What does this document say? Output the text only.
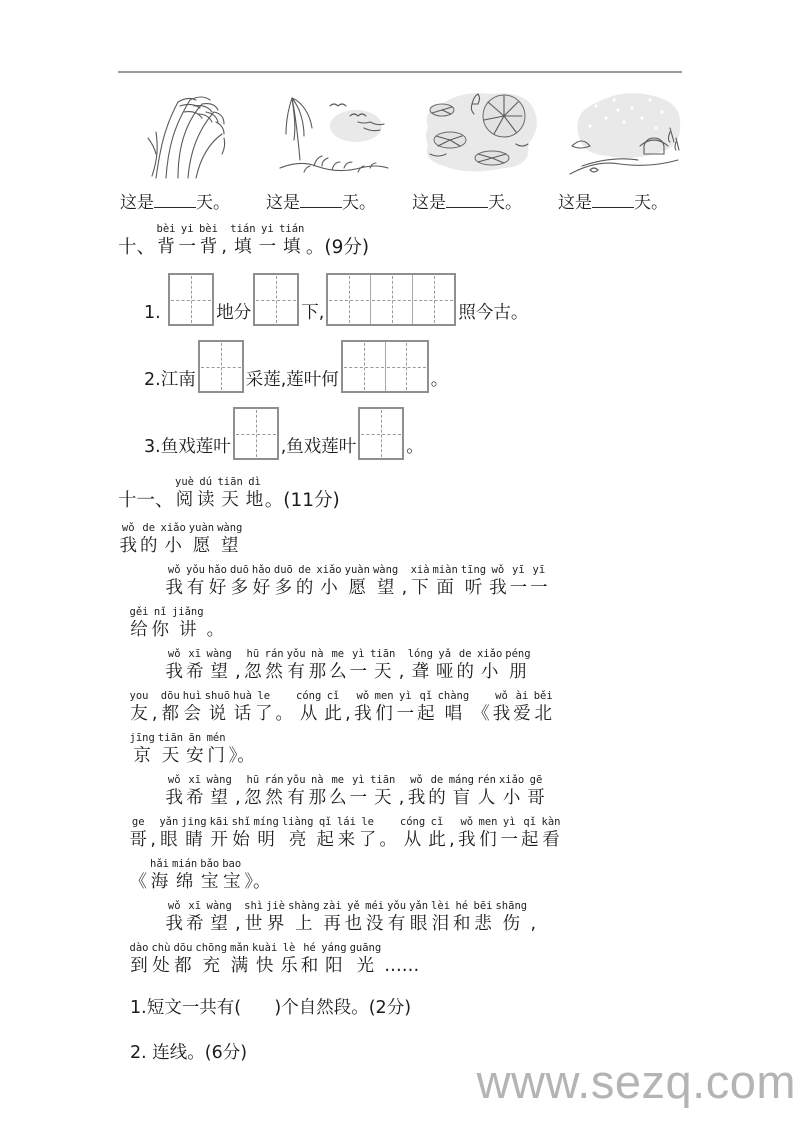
这是 天。 这是 天。 这是 天。 这是 天。
十、
bèi
背
yi
一
bèi
背
,
tián
填
yi
一
tián
填 。(9分)
1.	地分	下,	照今古。
2.江南	采莲,莲叶何	。
3.鱼戏莲叶	, 鱼戏莲叶	。
十一、
yuè
阅
dú
读
tiān
天
dì
地 。(11分)
wǒ
我
de
的
xiǎo
小
yuàn
愿
wàng
望
wǒ
我
yǒu
有
hǎo
好
duō
多
hǎo
好
duō
多
de
的
xiǎo
小
yuàn
愿
wàng
望
,
xià
下
miàn
面
tīng
听
wǒ
我
yī
一
yī
一
gěi
给
nǐ
你
jiǎng
讲
。
wǒ
我
xī
希
wàng
望
,
hū
忽
rán
然
yǒu
有
nà
那
me
么
yì
一
tiān
天
,
lóng
聋
yǎ
哑
de
的
xiǎo
小
péng
朋
you
友
,
dōu
都
huì
会
shuō
说
huà
话
le
了
。
cóng
从
cǐ
此
,
wǒ
我
men
们
yì
一
qǐ
起
chàng
唱
《
wǒ
我
ài
爱
běi
北
jīng
京
tiān
天
ān
安
mén
门
》。
wǒ
我
xī
希
wàng
望
,
hū
忽
rán
然
yǒu
有
nà
那
me
么
yì
一
tiān
天
,
wǒ
我
de
的
máng
盲
rén
人
xiǎo
小
gē
哥
ge
哥
,
yǎn
眼
jing
睛
kāi
开
shǐ
始
míng
明
liàng
亮
qǐ
起
lái
来
le
了
。
cóng
从
cǐ
此
,
wǒ
我
men
们
yì
一
qǐ
起
kàn
看

《
hǎi
海
mián
绵
bǎo
宝
bao
宝
》。
wǒ
我
xī
希
wàng
望
,
shì
世
jiè
界
shàng
上
zài
再
yě
也
méi
没
yǒu
有
yǎn
眼
lèi
泪
hé
和
bēi
悲
shāng
伤
,
dào
到
chù
处
dōu
都
chōng
充
mǎn
满
kuài
快
lè
乐
hé
和
yáng
阳
guāng
光
……
1.短文一共有(      )个自然段。(2分)
2. 连线。(6分)
www.sezq.com
